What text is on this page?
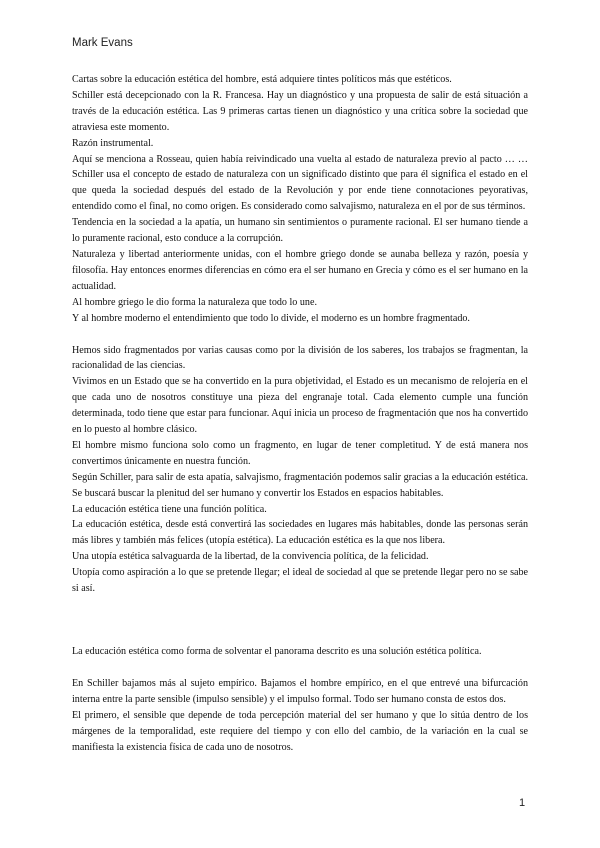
Mark Evans

Cartas sobre la educación estética del hombre, está adquiere tintes políticos más que estéticos.

Schiller está decepcionado con la R. Francesa. Hay un diagnóstico y una propuesta de salir de está situación a través de la educación estética. Las 9 primeras cartas tienen un diagnóstico y una crítica sobre la sociedad que atraviesa este momento.

Razón instrumental.

Aquí se menciona a Rosseau, quien había reivindicado una vuelta al estado de naturaleza previo al pacto … … Schiller usa el concepto de estado de naturaleza con un significado distinto que para él significa el estado en el que queda la sociedad después del estado de la Revolución y por ende tiene connotaciones peyorativas, entendido como el final, no como origen. Es considerado como salvajismo, naturaleza en el por de sus términos.

Tendencia en la sociedad a la apatía, un humano sin sentimientos o puramente racional. El ser humano tiende a lo puramente racional, esto conduce a la corrupción.

Naturaleza y libertad anteriormente unidas, con el hombre griego donde se aunaba belleza y razón, poesía y filosofía. Hay entonces enormes diferencias en cómo era el ser humano en Grecia y cómo es el ser humano en la actualidad.

Al hombre griego le dio forma la naturaleza que todo lo une.

Y al hombre moderno el entendimiento que todo lo divide, el moderno es un hombre fragmentado.

Hemos sido fragmentados por varias causas como por la división de los saberes, los trabajos se fragmentan, la racionalidad de las ciencias.

Vivimos en un Estado que se ha convertido en la pura objetividad, el Estado es un mecanismo de relojería en el que cada uno de nosotros constituye una pieza del engranaje total. Cada elemento cumple una función determinada, todo tiene que estar para funcionar. Aquí inicia un proceso de fragmentación que nos ha convertido en lo puesto al hombre clásico.

El hombre mismo funciona solo como un fragmento, en lugar de tener completitud. Y de está manera nos convertimos únicamente en nuestra función.

Según Schiller, para salir de esta apatía, salvajismo, fragmentación podemos salir gracias a la educación estética. Se buscará buscar la plenitud del ser humano y convertir los Estados en espacios habitables.

La educación estética tiene una función política.

La educación estética, desde está convertirá las sociedades en lugares más habitables, donde las personas serán más libres y también más felices (utopía estética). La educación estética es la que nos libera.

Una utopía estética salvaguarda de la libertad, de la convivencia política, de la felicidad.

Utopía como aspiración a lo que se pretende llegar; el ideal de sociedad al que se pretende llegar pero no se sabe si así.

La educación estética como forma de solventar el panorama descrito es una solución estética política.

En Schiller bajamos más al sujeto empírico. Bajamos el hombre empírico, en el que entrevé una bifurcación interna entre la parte sensible (impulso sensible) y el impulso formal. Todo ser humano consta de estos dos.

El primero, el sensible que depende de toda percepción material del ser humano y que lo sitúa dentro de los márgenes de la temporalidad, este requiere del tiempo y con ello del cambio, de la variación en la cual se manifiesta la existencia física de cada uno de nosotros.

1
